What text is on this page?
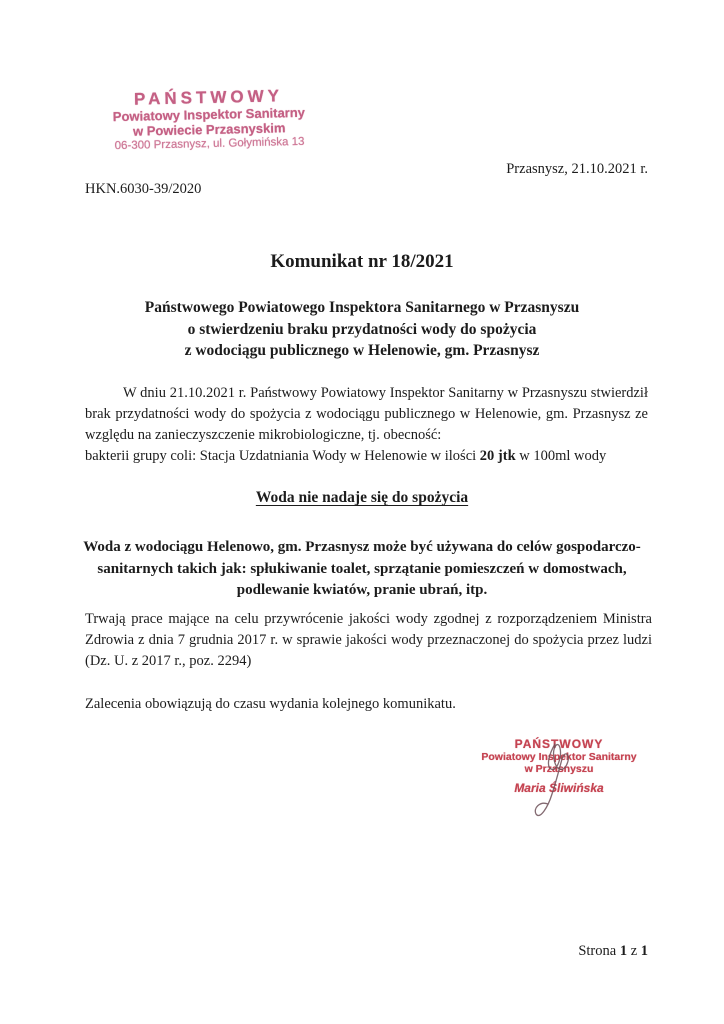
PAŃSTWOWY
Powiatowy Inspektor Sanitarny
w Powiecie Przasnyskim
06-300 Przasnysz, ul. Gołymińska 13
Przasnysz, 21.10.2021 r.
HKN.6030-39/2020
Komunikat nr 18/2021
Państwowego Powiatowego Inspektora Sanitarnego w Przasnyszu
o stwierdzeniu braku przydatności wody do spożycia
z wodociągu publicznego w Helenowie, gm. Przasnysz
W dniu 21.10.2021 r. Państwowy Powiatowy Inspektor Sanitarny w Przasnyszu stwierdził brak przydatności wody do spożycia z wodociągu publicznego w Helenowie, gm. Przasnysz ze względu na zanieczyszczenie mikrobiologiczne, tj. obecność:
bakterii grupy coli: Stacja Uzdatniania Wody w Helenowie w ilości 20 jtk w 100ml wody
Woda nie nadaje się do spożycia
Woda z wodociągu Helenowo, gm. Przasnysz może być używana do celów gospodarczo-sanitarnych takich jak: spłukiwanie toalet, sprzątanie pomieszczeń w domostwach, podlewanie kwiatów, pranie ubrań, itp.
Trwają prace mające na celu przywrócenie jakości wody zgodnej z rozporządzeniem Ministra Zdrowia z dnia 7 grudnia 2017 r. w sprawie jakości wody przeznaczonej do spożycia przez ludzi (Dz. U. z 2017 r., poz. 2294)
Zalecenia obowiązują do czasu wydania kolejnego komunikatu.
PAŃSTWOWY
Powiatowy Inspektor Sanitarny
w Przasnyszu
Maria Śliwińska
Strona 1 z 1
